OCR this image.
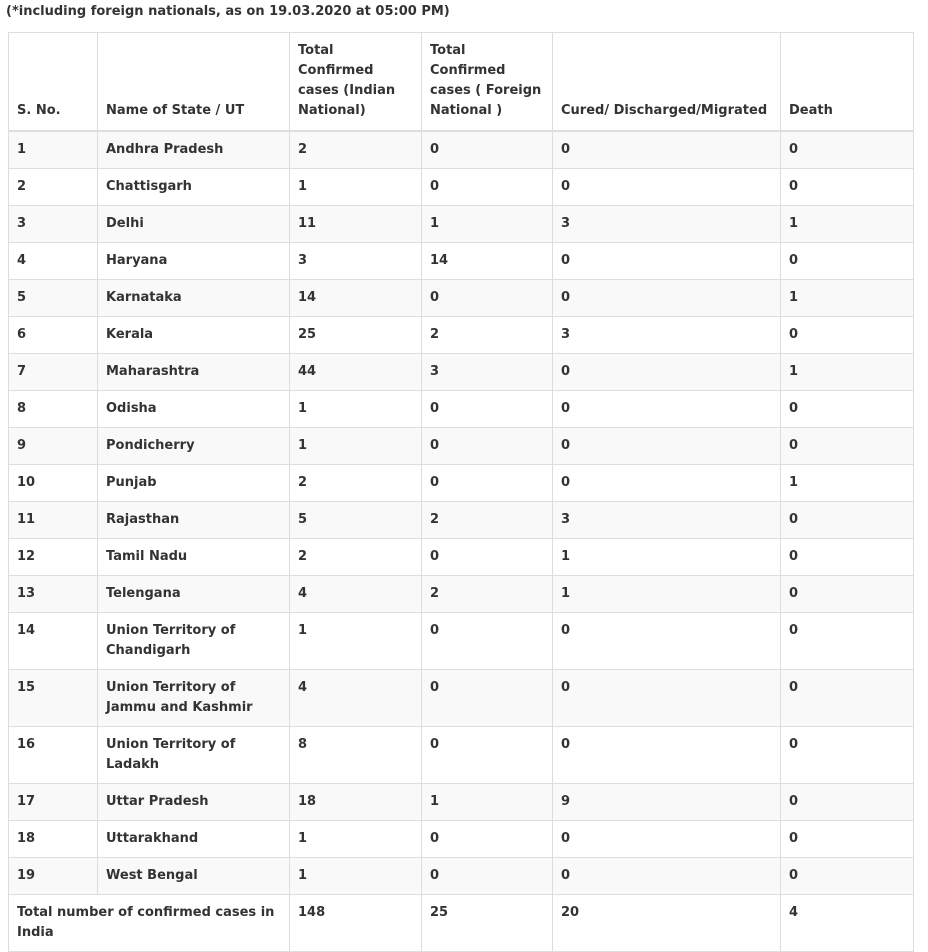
(*including foreign nationals, as on 19.03.2020 at 05:00 PM)
S. No.	Name of State / UT	Total Confirmed cases (Indian National)	Total Confirmed cases ( Foreign National )	Cured/ Discharged/Migrated	Death
1	Andhra Pradesh	2	0	0	0
2	Chattisgarh	1	0	0	0
3	Delhi	11	1	3	1
4	Haryana	3	14	0	0
5	Karnataka	14	0	0	1
6	Kerala	25	2	3	0
7	Maharashtra	44	3	0	1
8	Odisha	1	0	0	0
9	Pondicherry	1	0	0	0
10	Punjab	2	0	0	1
11	Rajasthan	5	2	3	0
12	Tamil Nadu	2	0	1	0
13	Telengana	4	2	1	0
14	Union Territory of Chandigarh	1	0	0	0
15	Union Territory of Jammu and Kashmir	4	0	0	0
16	Union Territory of Ladakh	8	0	0	0
17	Uttar Pradesh	18	1	9	0
18	Uttarakhand	1	0	0	0
19	West Bengal	1	0	0	0
Total number of confirmed cases in India		148	25	20	4
